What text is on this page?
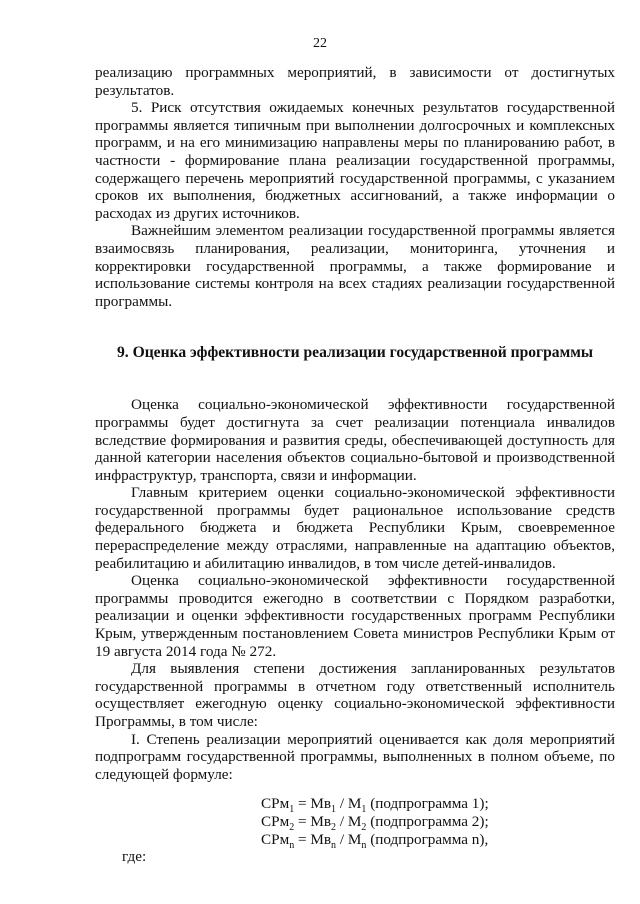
22

реализацию программных мероприятий, в зависимости от достигнутых результатов.

5. Риск отсутствия ожидаемых конечных результатов государственной программы является типичным при выполнении долгосрочных и комплексных программ, и на его минимизацию направлены меры по планированию работ, в частности - формирование плана реализации государственной программы, содержащего перечень мероприятий государственной программы, с указанием сроков их выполнения, бюджетных ассигнований, а также информации о расходах из других источников.

Важнейшим элементом реализации государственной программы является взаимосвязь планирования, реализации, мониторинга, уточнения и корректировки государственной программы, а также формирование и использование системы контроля на всех стадиях реализации государственной программы.

9. Оценка эффективности реализации государственной программы

Оценка социально-экономической эффективности государственной программы будет достигнута за счет реализации потенциала инвалидов вследствие формирования и развития среды, обеспечивающей доступность для данной категории населения объектов социально-бытовой и производственной инфраструктур, транспорта, связи и информации.

Главным критерием оценки социально-экономической эффективности государственной программы будет рациональное использование средств федерального бюджета и бюджета Республики Крым, своевременное перераспределение между отраслями, направленные на адаптацию объектов, реабилитацию и абилитацию инвалидов, в том числе детей-инвалидов.

Оценка социально-экономической эффективности государственной программы проводится ежегодно в соответствии с Порядком разработки, реализации и оценки эффективности государственных программ Республики Крым, утвержденным постановлением Совета министров Республики Крым от 19 августа 2014 года № 272.

Для выявления степени достижения запланированных результатов государственной программы в отчетном году ответственный исполнитель осуществляет ежегодную оценку социально-экономической эффективности Программы, в том числе:

I. Степень реализации мероприятий оценивается как доля мероприятий подпрограмм государственной программы, выполненных в полном объеме, по следующей формуле:

$СРм_1 = Мв_1 / М_1$ (подпрограмма 1);
$СРм_2 = Мв_2 / М_2$ (подпрограмма 2);
$СРм_n = Мв_n / М_n$ (подпрограмма n),

где:
